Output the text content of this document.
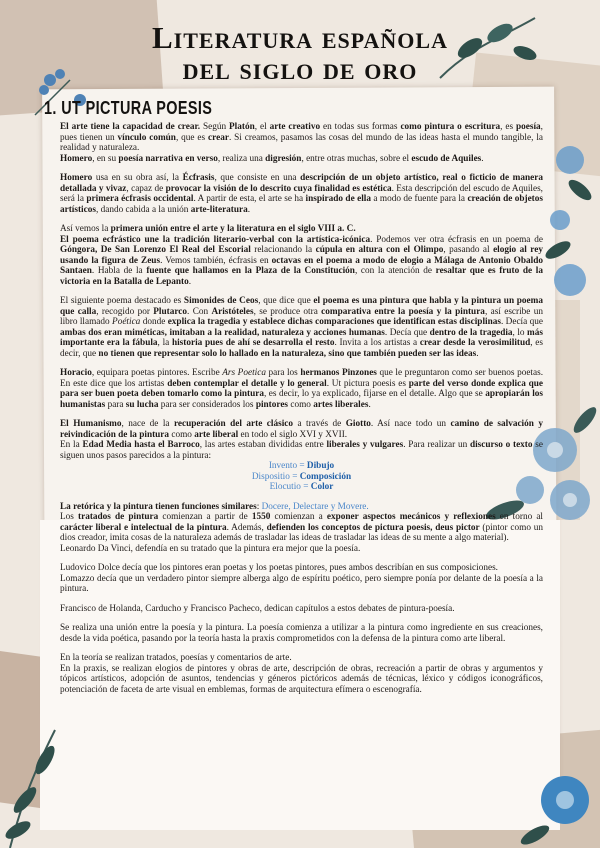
Literatura española
del siglo de oro
1. UT PICTURA POESIS

El arte tiene la capacidad de crear. Según Platón, el arte creativo en todas sus formas como pintura o escritura, es poesía, pues tienen un vínculo común, que es crear. Si creamos, pasamos las cosas del mundo de las ideas hasta el mundo tangible, la realidad y naturaleza.

Homero, en su poesía narrativa en verso, realiza una digresión, entre otras muchas, sobre el escudo de Aquiles.

Homero usa en su obra así, la Écfrasis, que consiste en una descripción de un objeto artístico, real o ficticio de manera detallada y vivaz, capaz de provocar la visión de lo descrito cuya finalidad es estética. Esta descripción del escudo de Aquiles, será la primera écfrasis occidental. A partir de esta, el arte se ha inspirado de ella a modo de fuente para la creación de objetos artísticos, dando cabida a la unión arte-literatura.

Así vemos la primera unión entre el arte y la literatura en el siglo VIII a. C.
El poema ecfrástico une la tradición literario-verbal con la artística-icónica. Podemos ver otra écfrasis en un poema de Góngora, De San Lorenzo El Real del Escorial relacionando la cúpula en altura con el Olimpo, pasando al elogio al rey usando la figura de Zeus. Vemos también, écfrasis en octavas en el poema a modo de elogio a Málaga de Antonio Obaldo Santaen. Habla de la fuente que hallamos en la Plaza de la Constitución, con la atención de resaltar que es fruto de la victoria en la Batalla de Lepanto.

El siguiente poema destacado es Simonides de Ceos, que dice que el poema es una pintura que habla y la pintura un poema que calla, recogido por Plutarco. Con Aristóteles, se produce otra comparativa entre la poesía y la pintura, así escribe un libro llamado Poética donde explica la tragedia y establece dichas comparaciones que identifican estas disciplinas. Decía que ambas dos eran miméticas, imitaban a la realidad, naturaleza y acciones humanas. Decía que dentro de la tragedia, lo más importante era la fábula, la historia pues de ahí se desarrolla el resto. Invita a los artistas a crear desde la verosimilitud, es decir, que no tienen que representar solo lo hallado en la naturaleza, sino que también pueden ser las ideas.

Horacio, equipara poetas pintores. Escribe Ars Poetica para los hermanos Pinzones que le preguntaron como ser buenos poetas. En este dice que los artistas deben contemplar el detalle y lo general. Ut pictura poesis es parte del verso donde explica que para ser buen poeta deben tomarlo como la pintura, es decir, lo ya explicado, fijarse en el detalle. Algo que se apropiarán los humanistas para su lucha para ser considerados los pintores como artes liberales.

El Humanismo, nace de la recuperación del arte clásico a través de Giotto. Así nace todo un camino de salvación y reivindicación de la pintura como arte liberal en todo el siglo XVI y XVII.
En la Edad Media hasta el Barroco, las artes estaban divididas entre liberales y vulgares. Para realizar un discurso o texto se siguen unos pasos parecidos a la pintura:

Invento = Dibujo
Dispositio = Composición
Elocutio = Color

La retórica y la pintura tienen funciones similares: Docere, Delectare y Movere.
Los tratados de pintura comienzan a partir de 1550 comienzan a exponer aspectos mecánicos y reflexiones en torno al carácter liberal e intelectual de la pintura. Además, defienden los conceptos de pictura poesis, deus pictor (pintor como un dios creador, imita cosas de la naturaleza además de trasladar las ideas de trasladar las ideas de su mente a algo material).

Leonardo Da Vinci, defendía en su tratado que la pintura era mejor que la poesía.

Ludovico Dolce decía que los pintores eran poetas y los poetas pintores, pues ambos describían en sus composiciones.

Lomazzo decía que un verdadero pintor siempre alberga algo de espíritu poético, pero siempre ponía por delante de la poesía a la pintura.

Francisco de Holanda, Carducho y Francisco Pacheco, dedican capítulos a estos debates de pintura-poesía.

Se realiza una unión entre la poesía y la pintura. La poesía comienza a utilizar a la pintura como ingrediente en sus creaciones, desde la vida poética, pasando por la teoría hasta la praxis comprometidos con la defensa de la pintura como arte liberal.

En la teoría se realizan tratados, poesías y comentarios de arte.

En la praxis, se realizan elogios de pintores y obras de arte, descripción de obras, recreación a partir de obras y argumentos y tópicos artísticos, adopción de asuntos, tendencias y géneros pictóricos además de técnicas, léxico y códigos iconográficos, potenciación de faceta de arte visual en emblemas, formas de arquitectura efímera o escenografía.
